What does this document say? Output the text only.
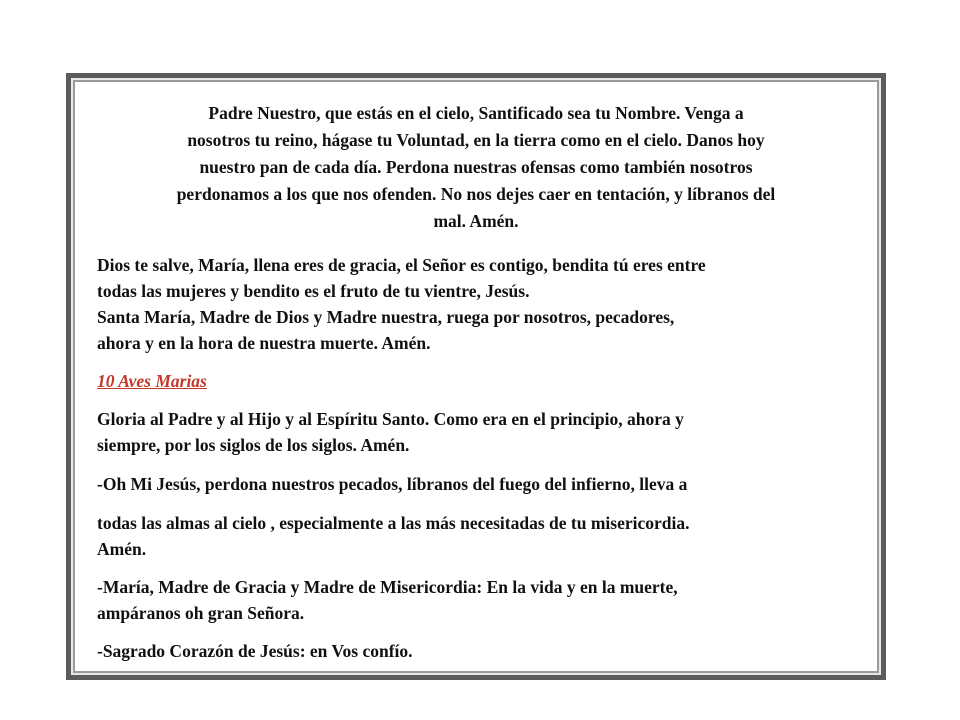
Padre Nuestro, que estás en el cielo, Santificado sea tu Nombre. Venga a
nosotros tu reino, hágase tu Voluntad, en la tierra como en el cielo. Danos hoy
nuestro pan de cada día. Perdona nuestras ofensas como también nosotros
perdonamos a los que nos ofenden. No nos dejes caer en tentación, y líbranos del
mal. Amén.

Dios te salve, María, llena eres de gracia, el Señor es contigo, bendita tú eres entre
todas las mujeres y bendito es el fruto de tu vientre, Jesús.
Santa María, Madre de Dios y Madre nuestra, ruega por nosotros, pecadores,
ahora y en la hora de nuestra muerte. Amén.

10 Aves Marias

Gloria al Padre y al Hijo y al Espíritu Santo. Como era en el principio, ahora y
siempre, por los siglos de los siglos. Amén.

-Oh Mi Jesús, perdona nuestros pecados, líbranos del fuego del infierno, lleva a
todas las almas al cielo , especialmente a las más necesitadas de tu misericordia.
Amén.

-María, Madre de Gracia y Madre de Misericordia: En la vida y en la muerte,
ampáranos oh gran Señora.

-Sagrado Corazón de Jesús: en Vos confío.
